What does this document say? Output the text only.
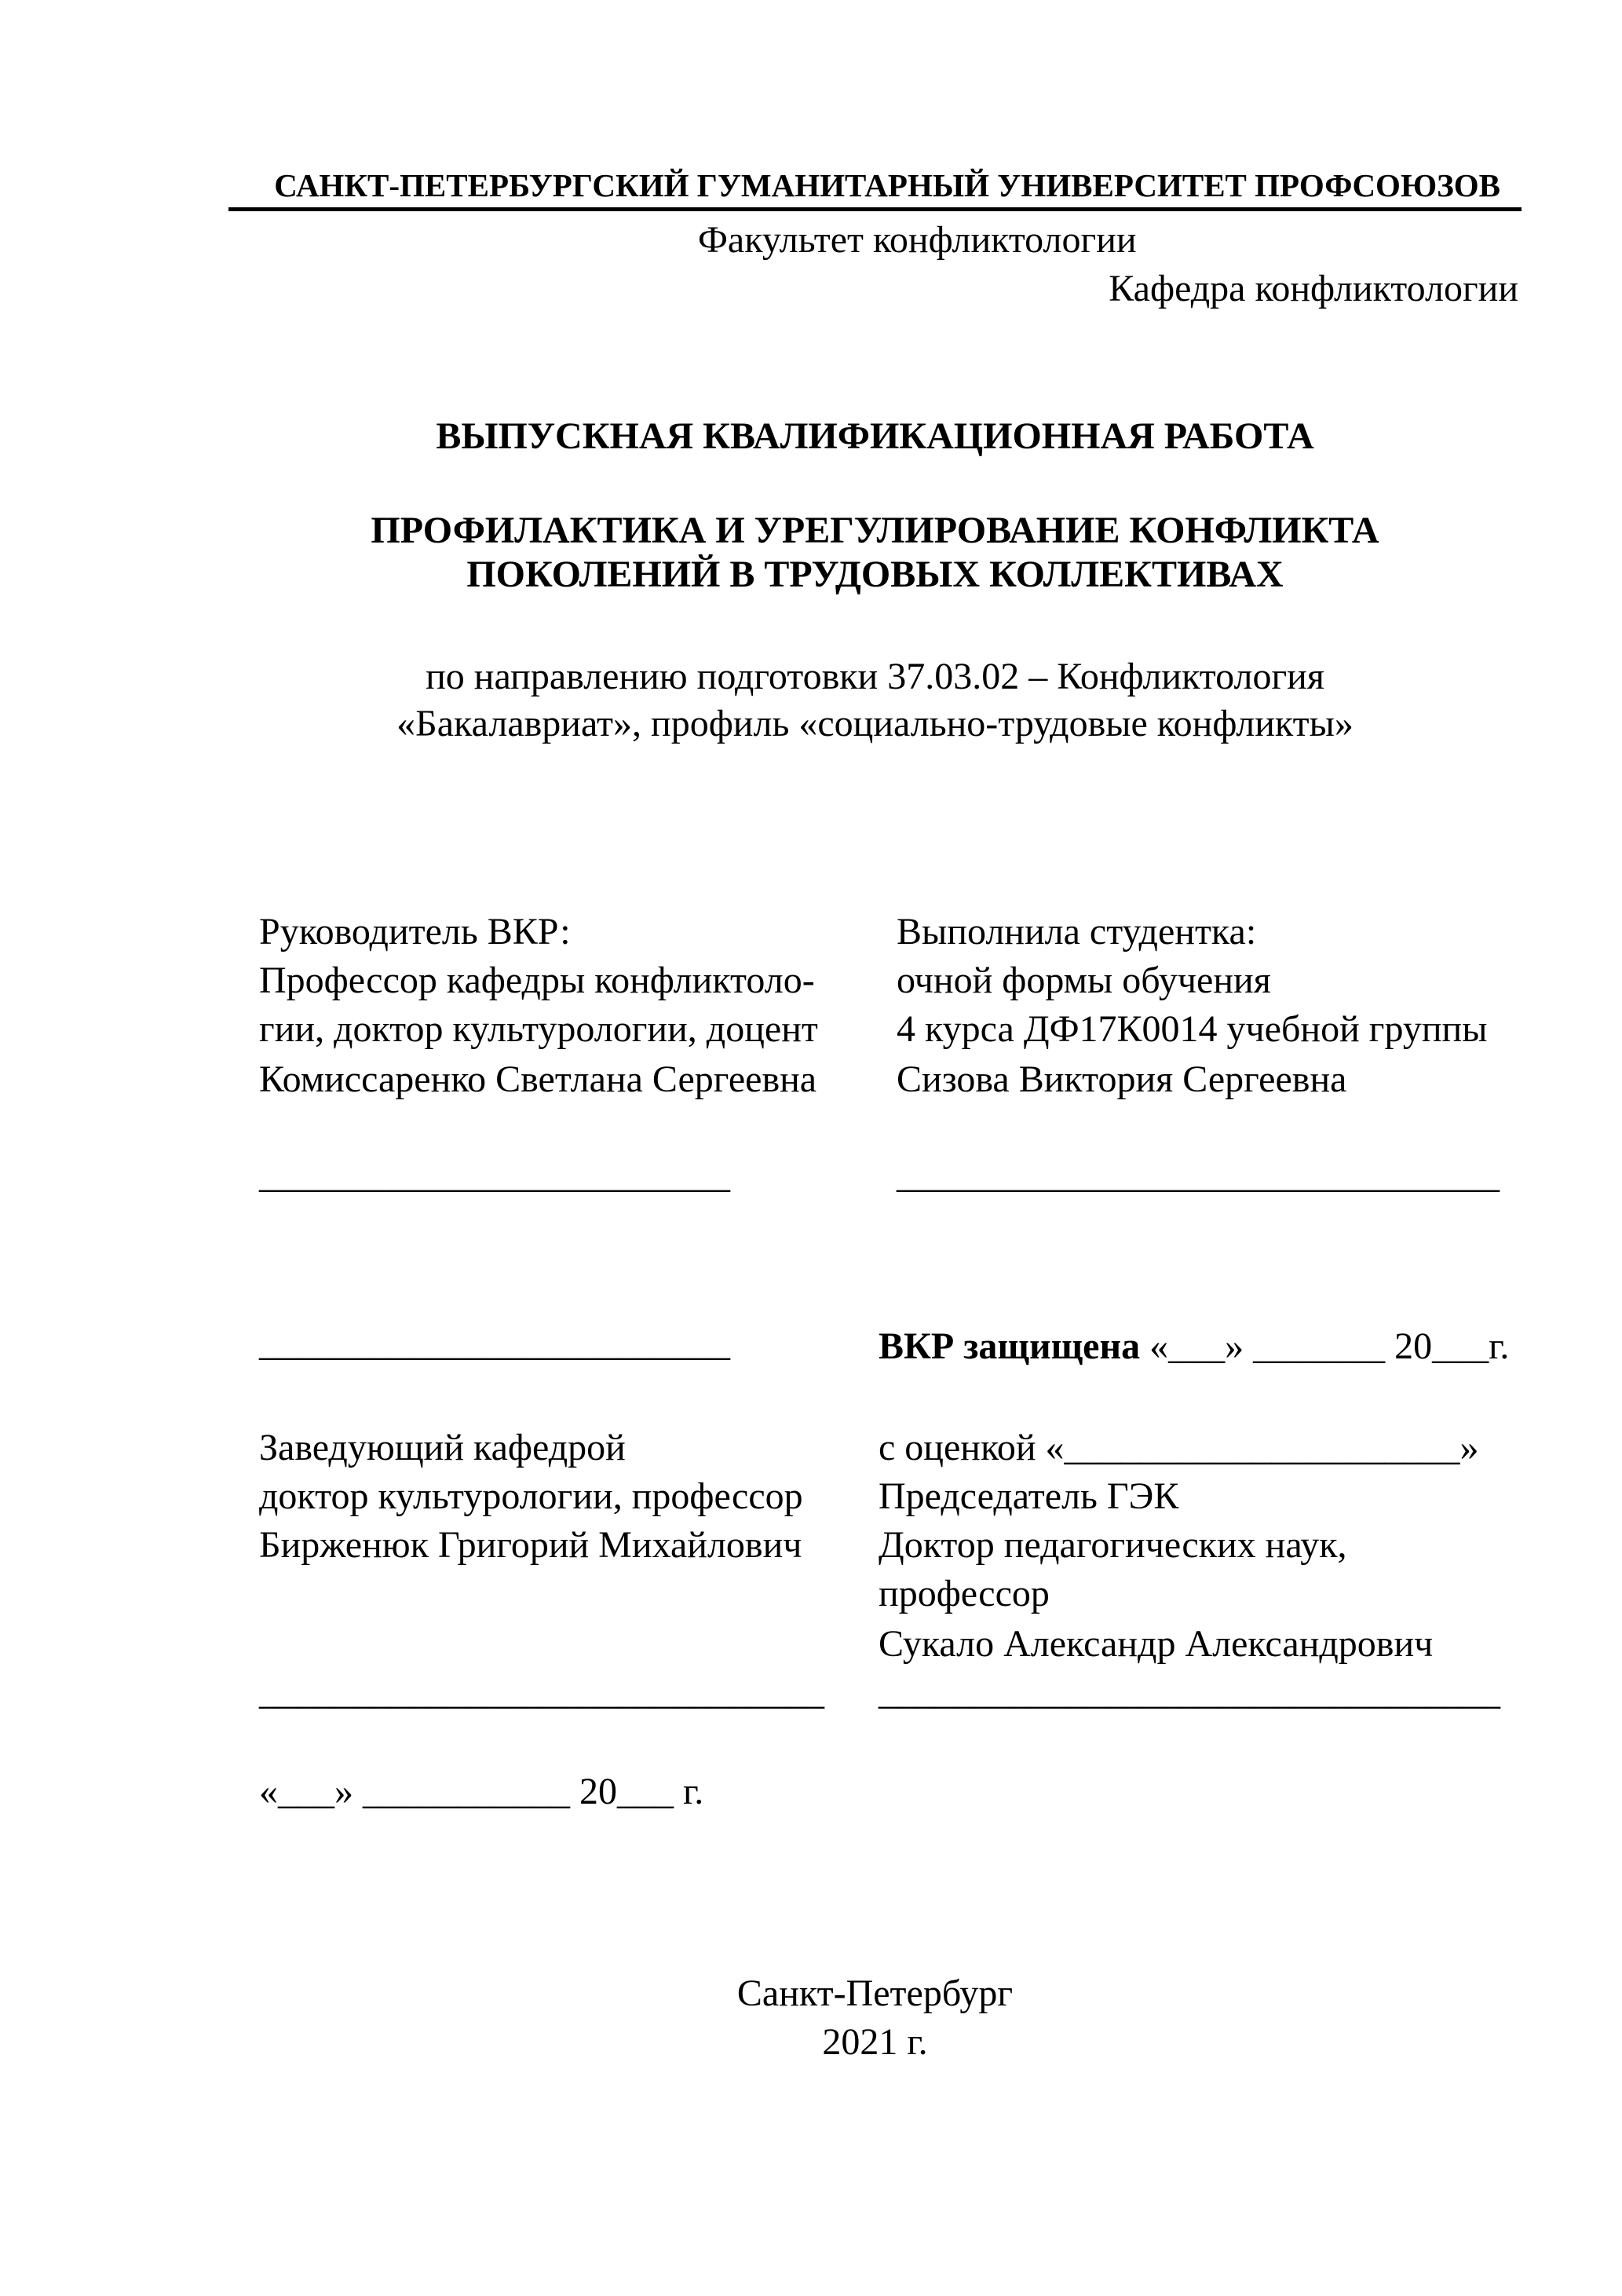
САНКТ-ПЕТЕРБУРГСКИЙ ГУМАНИТАРНЫЙ УНИВЕРСИТЕТ ПРОФСОЮЗОВ
Факультет конфликтологии
Кафедра конфликтологии
ВЫПУСКНАЯ КВАЛИФИКАЦИОННАЯ РАБОТА
ПРОФИЛАКТИКА И УРЕГУЛИРОВАНИЕ КОНФЛИКТА
ПОКОЛЕНИЙ В ТРУДОВЫХ КОЛЛЕКТИВАХ
по направлению подготовки 37.03.02 – Конфликтология
«Бакалавриат», профиль «социально-трудовые конфликты»
Руководитель ВКР:
Профессор кафедры конфликтоло-
гии, доктор культурологии, доцент
Комиссаренко Светлана Сергеевна
_________________________
_________________________
Выполнила студентка:
очной формы обучения
4 курса ДФ17К0014 учебной группы
Сизова Виктория Сергеевна
________________________________
ВКР защищена «___» _______ 20___г.
с оценкой «_____________________»
Председатель ГЭК
Доктор педагогических наук,
профессор
Сукало Александр Александрович
_________________________________
Заведующий кафедрой
доктор культурологии, профессор
Бирженюк Григорий Михайлович
______________________________
«___» ___________ 20___ г.
Санкт-Петербург
2021 г.
